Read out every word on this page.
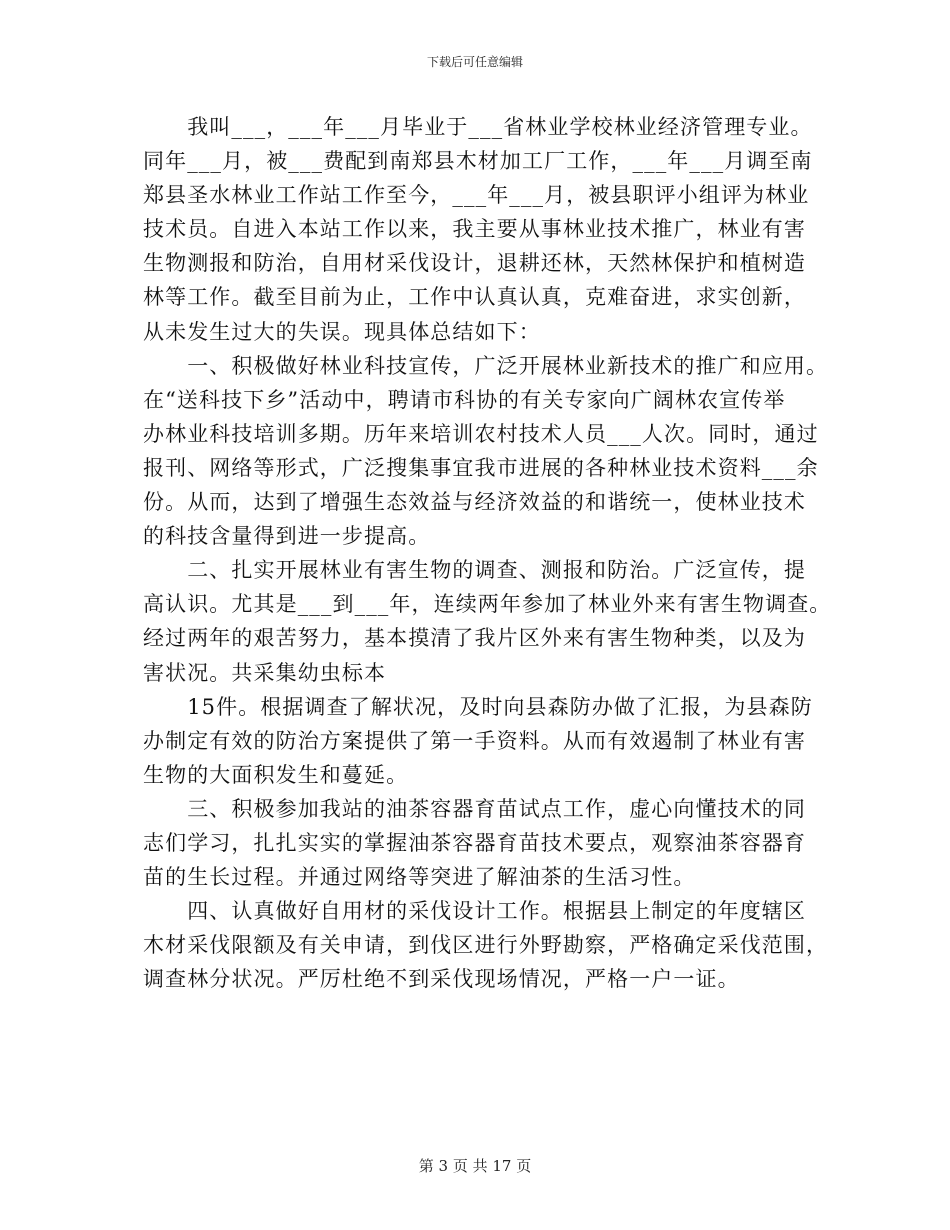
下载后可任意编辑
　　我叫___，___年___月毕业于___省林业学校林业经济管理专业。
同年___月，被___费配到南郑县木材加工厂工作，___年___月调至南
郑县圣水林业工作站工作至今，___年___月，被县职评小组评为林业
技术员。自进入本站工作以来，我主要从事林业技术推广，林业有害
生物测报和防治，自用材采伐设计，退耕还林，天然林保护和植树造
林等工作。截至目前为止，工作中认真认真，克难奋进，求实创新，
从未发生过大的失误。现具体总结如下：
　　一、积极做好林业科技宣传，广泛开展林业新技术的推广和应用。
在“送科技下乡”活动中，聘请市科协的有关专家向广阔林农宣传举
办林业科技培训多期。历年来培训农村技术人员___人次。同时，通过
报刊、网络等形式，广泛搜集事宜我市进展的各种林业技术资料___余
份。从而，达到了增强生态效益与经济效益的和谐统一，使林业技术
的科技含量得到进一步提高。
　　二、扎实开展林业有害生物的调查、测报和防治。广泛宣传，提
高认识。尤其是___到___年，连续两年参加了林业外来有害生物调查。
经过两年的艰苦努力，基本摸清了我片区外来有害生物种类，以及为
害状况。共采集幼虫标本
　　15件。根据调查了解状况，及时向县森防办做了汇报，为县森防
办制定有效的防治方案提供了第一手资料。从而有效遏制了林业有害
生物的大面积发生和蔓延。
　　三、积极参加我站的油茶容器育苗试点工作，虚心向懂技术的同
志们学习，扎扎实实的掌握油茶容器育苗技术要点，观察油茶容器育
苗的生长过程。并通过网络等突进了解油茶的生活习性。
　　四、认真做好自用材的采伐设计工作。根据县上制定的年度辖区
木材采伐限额及有关申请，到伐区进行外野勘察，严格确定采伐范围，
调查林分状况。严厉杜绝不到采伐现场情况，严格一户一证。
第 3 页 共 17 页
